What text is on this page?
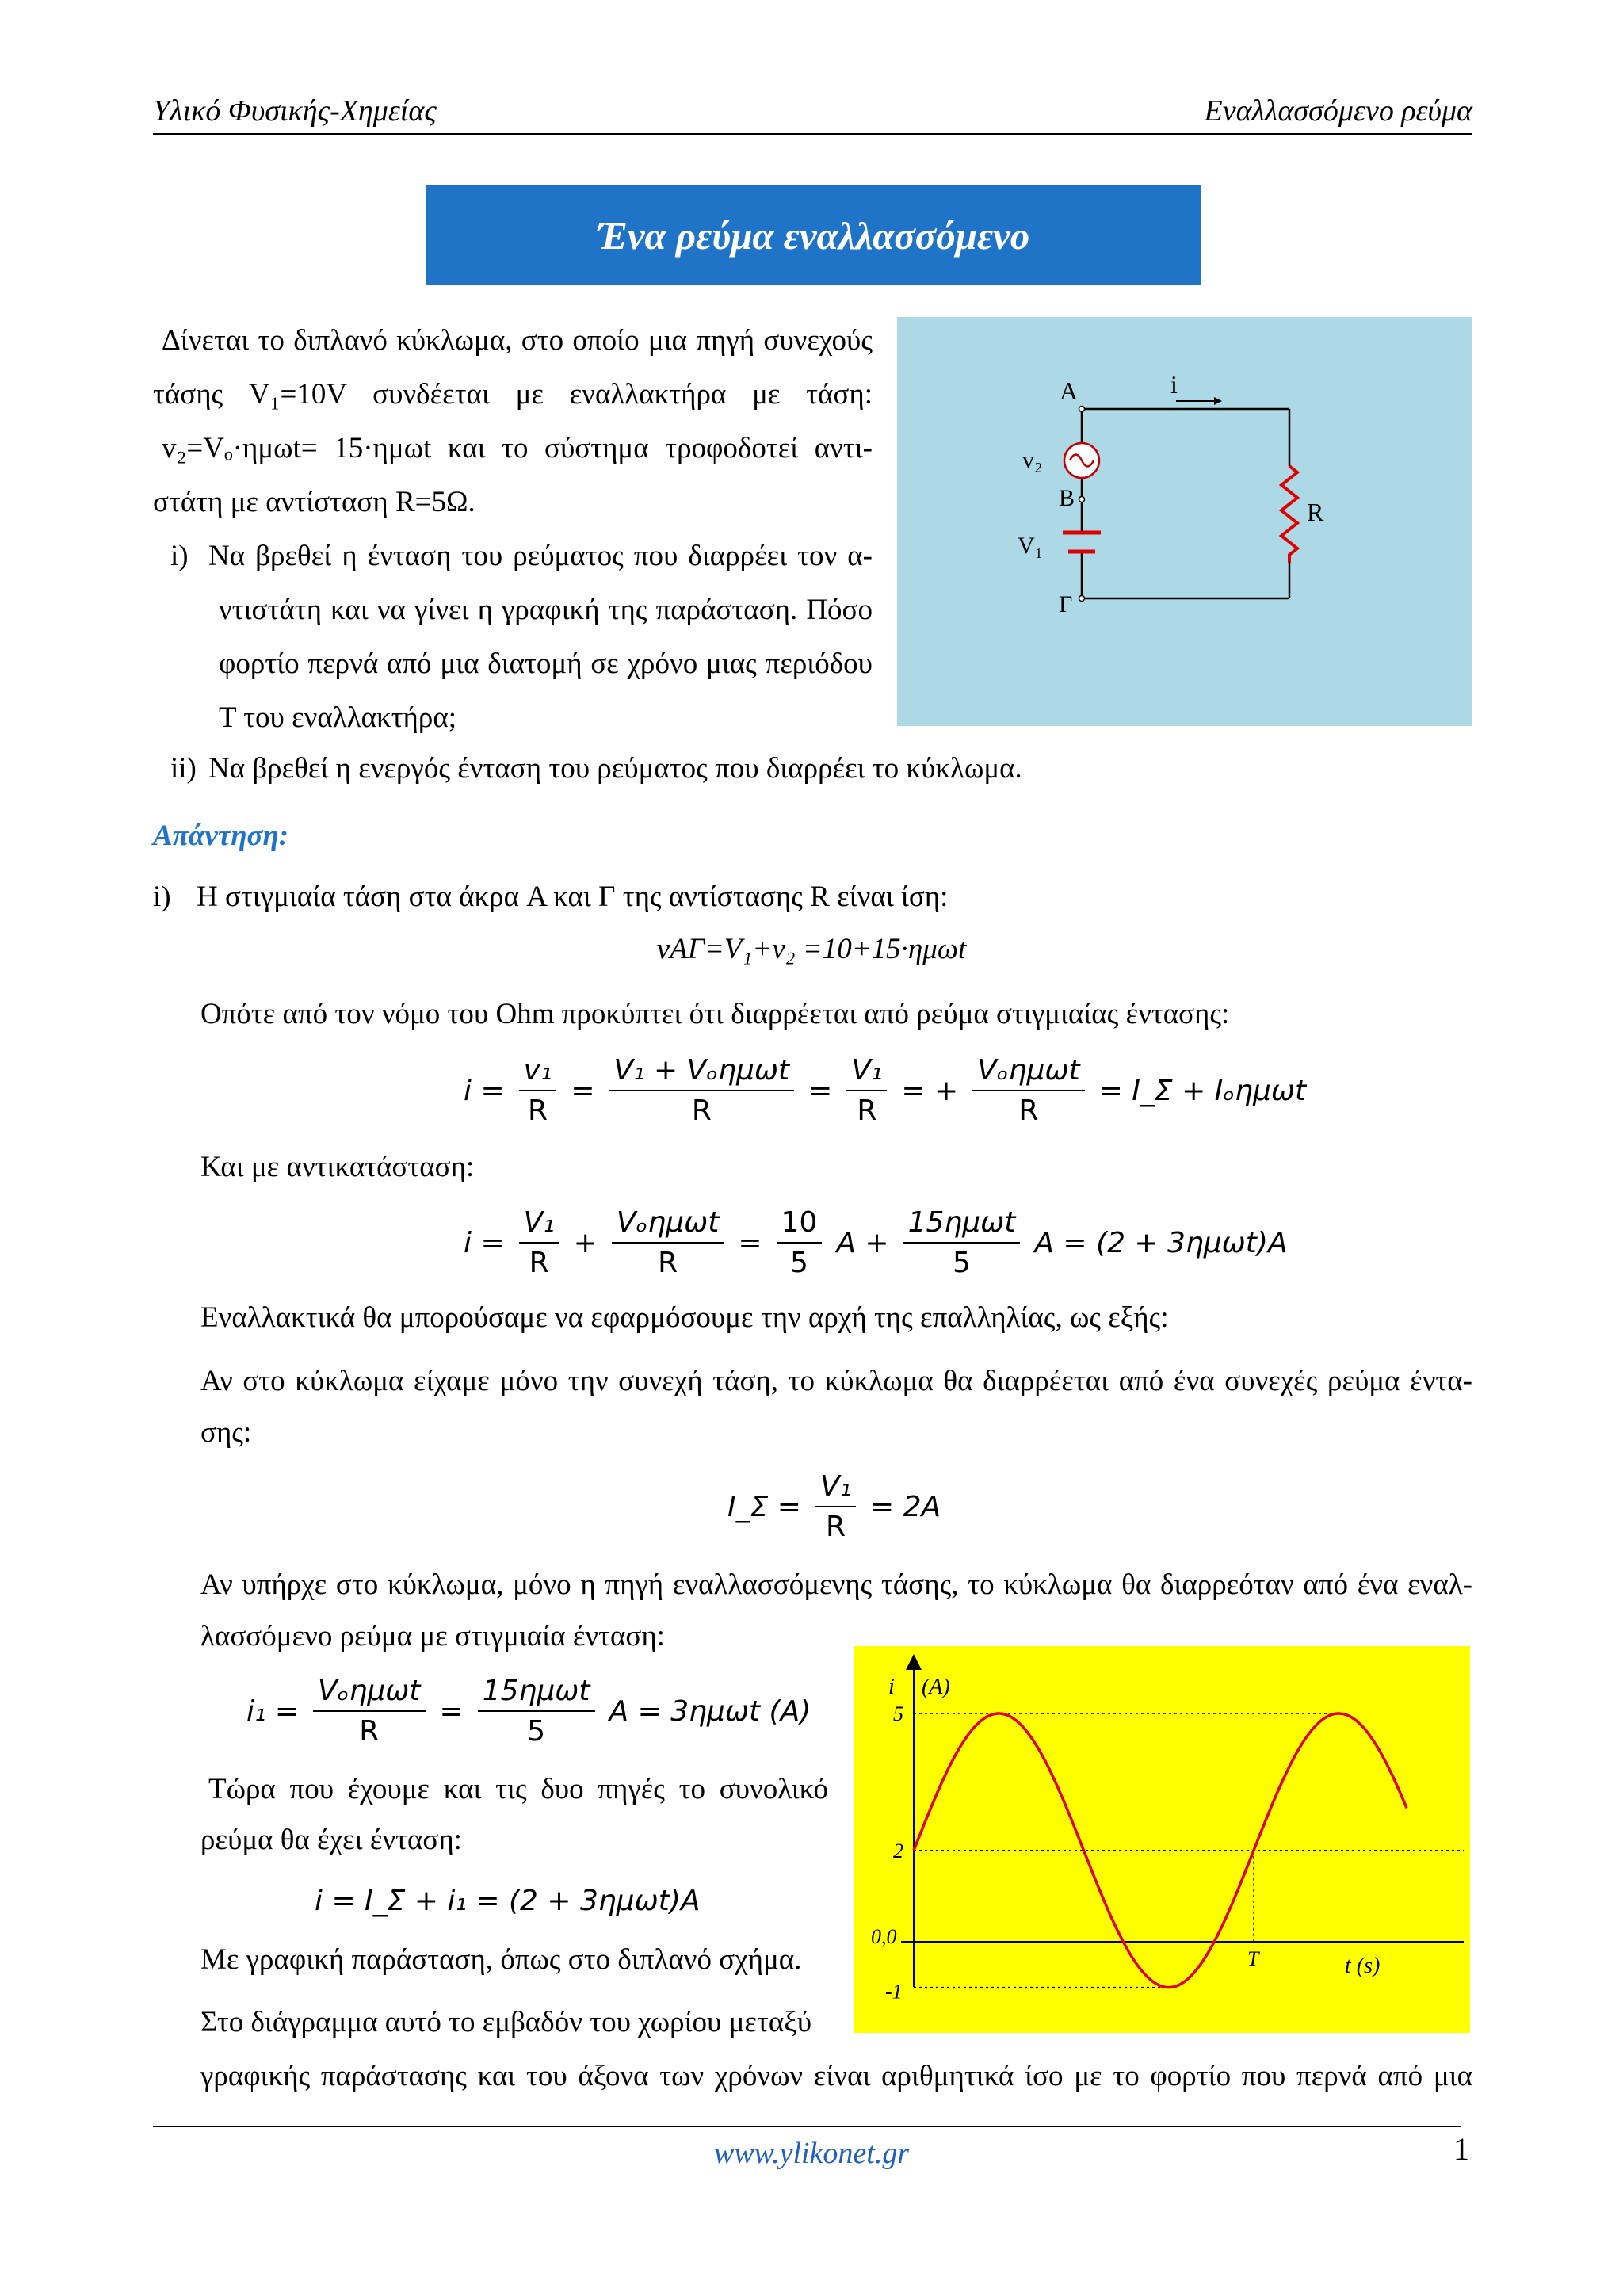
Υλικό Φυσικής-Χημείας	Εναλλασσόμενο ρεύμα
Ένα ρεύμα εναλλασσόμενο
Δίνεται το διπλανό κύκλωμα, στο οποίο μια πηγή συνεχούς
τάσης V₁=10V συνδέεται με εναλλακτήρα με τάση:
v₂=Vₒ·ημωt= 15·ημωt και το σύστημα τροφοδοτεί αντι-
στάτη με αντίσταση R=5Ω.
i) Να βρεθεί η ένταση του ρεύματος που διαρρέει τον α-
ντιστάτη και να γίνει η γραφική της παράσταση. Πόσο
φορτίο περνά από μια διατομή σε χρόνο μιας περιόδου
T του εναλλακτήρα;
ii) Να βρεθεί η ενεργός ένταση του ρεύματος που διαρρέει το κύκλωμα.
A	i
v₂
B
V₁
Γ
R
Απάντηση:
i) Η στιγμιαία τάση στα άκρα A και Γ της αντίστασης R είναι ίση:
vAΓ=V₁+v₂ =10+15·ημωt
Οπότε από τον νόμο του Ohm προκύπτει ότι διαρρέεται από ρεύμα στιγμιαίας έντασης:
$i = \frac{\text{v₁}}{R} = \frac{\text{V₁ + Vₒημωt}}{R} = \frac{\text{V₁}}{R}$ = + $\frac{\text{Vₒημωt}}{R}$ = I_Σ + Iₒημωt
Και με αντικατάσταση:
$i = \frac{\text{V₁}}{R} + \frac{\text{Vₒημωt}}{R} = \frac{10}{5}$ $A + \frac{\text{15ημωt}}{5}$ A = (2 + 3ημωt)A
Εναλλακτικά θα μπορούσαμε να εφαρμόσουμε την αρχή της επαλληλίας, ως εξής:
Αν στο κύκλωμα είχαμε μόνο την συνεχή τάση, το κύκλωμα θα διαρρέεται από ένα συνεχές ρεύμα έντα-
σης:
I_Σ = $\frac{\text{V₁}}{R} = 2A$
Αν υπήρχε στο κύκλωμα, μόνο η πηγή εναλλασσόμενης τάσης, το κύκλωμα θα διαρρεόταν από ένα εναλ-
λασσόμενο ρεύμα με στιγμιαία ένταση:
$i_1 = \frac{\text{Vₒημωt}}{R} = \frac{\text{15ημωt}}{5}$ A = 3ημωt (A)
Τώρα που έχουμε και τις δυο πηγές το συνολικό
ρεύμα θα έχει ένταση:
i = I_Σ + i₁ = (2 + 3ημωt)A
Με γραφική παράσταση, όπως στο διπλανό σχήμα.
Στο διάγραμμα αυτό το εμβαδόν του χωρίου μεταξύ
γραφικής παράστασης και του άξονα των χρόνων είναι αριθμητικά ίσο με το φορτίο που περνά από μια
i (A)
5
2
0,0
-1
T	t (s)
www.ylikonet.gr	1
